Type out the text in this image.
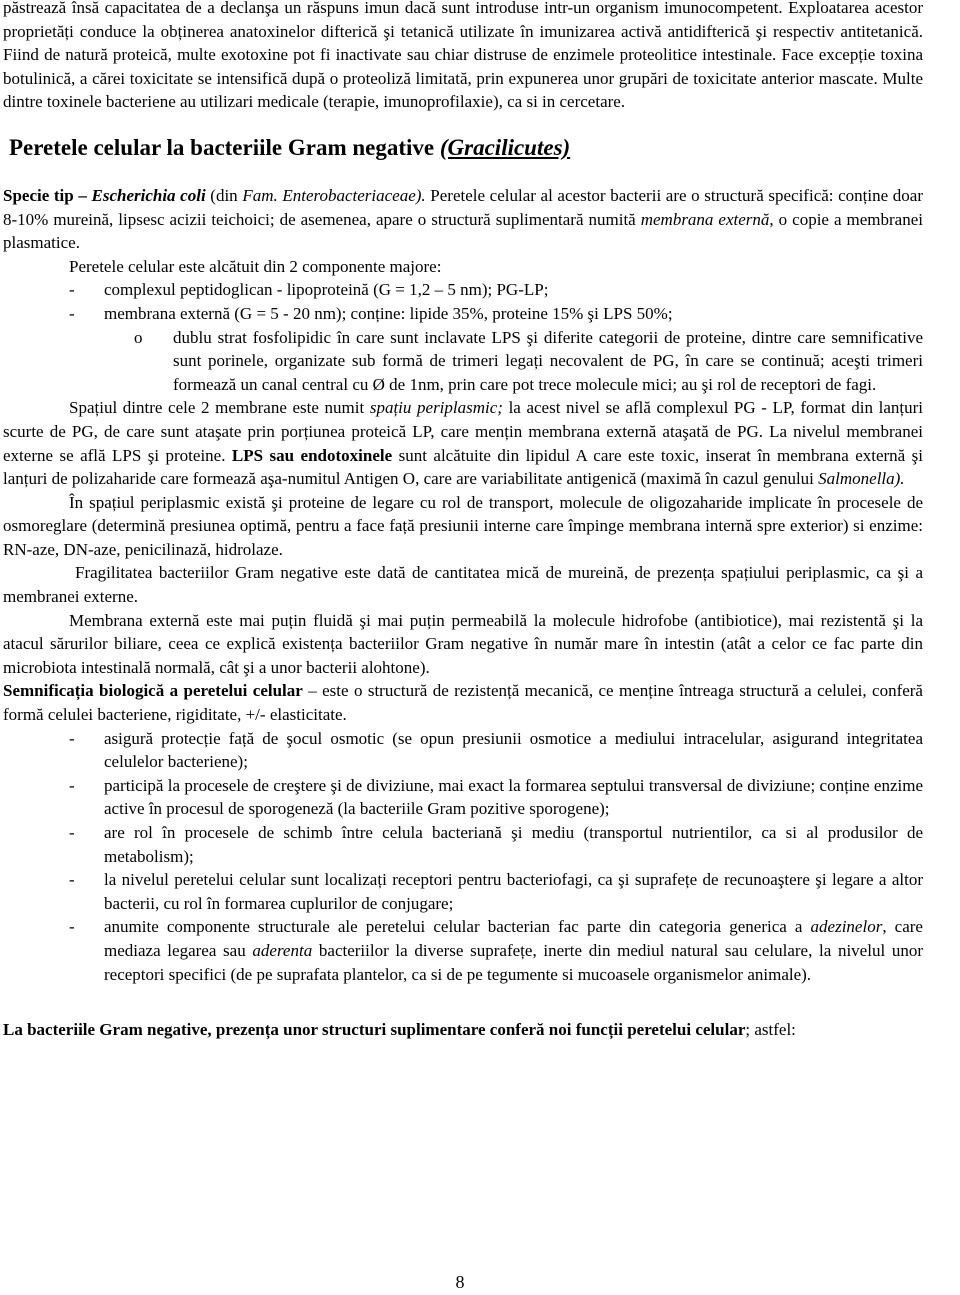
păstrează însă capacitatea de a declanşa un răspuns imun dacă sunt introduse intr-un organism imunocompetent. Exploatarea acestor proprietăți conduce la obținerea anatoxinelor difterică şi tetanică utilizate în imunizarea activă antidifterică şi respectiv antitetanică. Fiind de natură proteică, multe exotoxine pot fi inactivate sau chiar distruse de enzimele proteolitice intestinale. Face excepție toxina botulinică, a cărei toxicitate se intensifică după o proteoliză limitată, prin expunerea unor grupări de toxicitate anterior mascate. Multe dintre toxinele bacteriene au utilizari medicale (terapie, imunoprofilaxie), ca si in cercetare.

Peretele celular la bacteriile Gram negative (Gracilicutes)

Specie tip – Escherichia coli (din Fam. Enterobacteriaceae). Peretele celular al acestor bacterii are o structură specifică: conține doar 8-10% mureină, lipsesc acizii teichoici; de asemenea, apare o structură suplimentară numită membrana externă, o copie a membranei plasmatice.

Peretele celular este alcătuit din 2 componente majore:

- complexul peptidoglican - lipoproteină (G = 1,2 – 5 nm); PG-LP;
- membrana externă (G = 5 - 20 nm); conține: lipide 35%, proteine 15% şi LPS 50%;
o dublu strat fosfolipidic în care sunt inclavate LPS şi diferite categorii de proteine, dintre care semnificative sunt porinele, organizate sub formă de trimeri legați necovalent de PG, în care se continuă; aceşti trimeri formează un canal central cu Ø de 1nm, prin care pot trece molecule mici; au şi rol de receptori de fagi.

Spațiul dintre cele 2 membrane este numit spațiu periplasmic; la acest nivel se află complexul PG - LP, format din lanțuri scurte de PG, de care sunt ataşate prin porțiunea proteică LP, care mențin membrana externă ataşată de PG. La nivelul membranei externe se află LPS şi proteine. LPS sau endotoxinele sunt alcătuite din lipidul A care este toxic, inserat în membrana externă şi lanțuri de polizaharide care formează aşa-numitul Antigen O, care are variabilitate antigenică (maximă în cazul genului Salmonella).

În spațiul periplasmic există şi proteine de legare cu rol de transport, molecule de oligozaharide implicate în procesele de osmoreglare (determină presiunea optimă, pentru a face față presiunii interne care împinge membrana internă spre exterior) si enzime: RN-aze, DN-aze, penicilinază, hidrolaze.

Fragilitatea bacteriilor Gram negative este dată de cantitatea mică de mureină, de prezența spațiului periplasmic, ca şi a membranei externe.

Membrana externă este mai puțin fluidă şi mai puțin permeabilă la molecule hidrofobe (antibiotice), mai rezistentă şi la atacul sărurilor biliare, ceea ce explică existența bacteriilor Gram negative în număr mare în intestin (atât a celor ce fac parte din microbiota intestinală normală, cât şi a unor bacterii alohtone).

Semnificația biologică a peretelui celular – este o structură de rezistență mecanică, ce menține întreaga structură a celulei, conferă formă celulei bacteriene, rigiditate, +/- elasticitate.

- asigură protecție față de şocul osmotic (se opun presiunii osmotice a mediului intracelular, asigurand integritatea celulelor bacteriene);
- participă la procesele de creştere şi de diviziune, mai exact la formarea septului transversal de diviziune; conține enzime active în procesul de sporogeneză (la bacteriile Gram pozitive sporogene);
- are rol în procesele de schimb între celula bacteriană şi mediu (transportul nutrientilor, ca si al produsilor de metabolism);
- la nivelul peretelui celular sunt localizați receptori pentru bacteriofagi, ca şi suprafețe de recunoaştere şi legare a altor bacterii, cu rol în formarea cuplurilor de conjugare;
- anumite componente structurale ale peretelui celular bacterian fac parte din categoria generica a adezinelor, care mediaza legarea sau aderenta bacteriilor la diverse suprafețe, inerte din mediul natural sau celulare, la nivelul unor receptori specifici (de pe suprafata plantelor, ca si de pe tegumente si mucoasele organismelor animale).

La bacteriile Gram negative, prezența unor structuri suplimentare conferă noi funcții peretelui celular; astfel:

8
